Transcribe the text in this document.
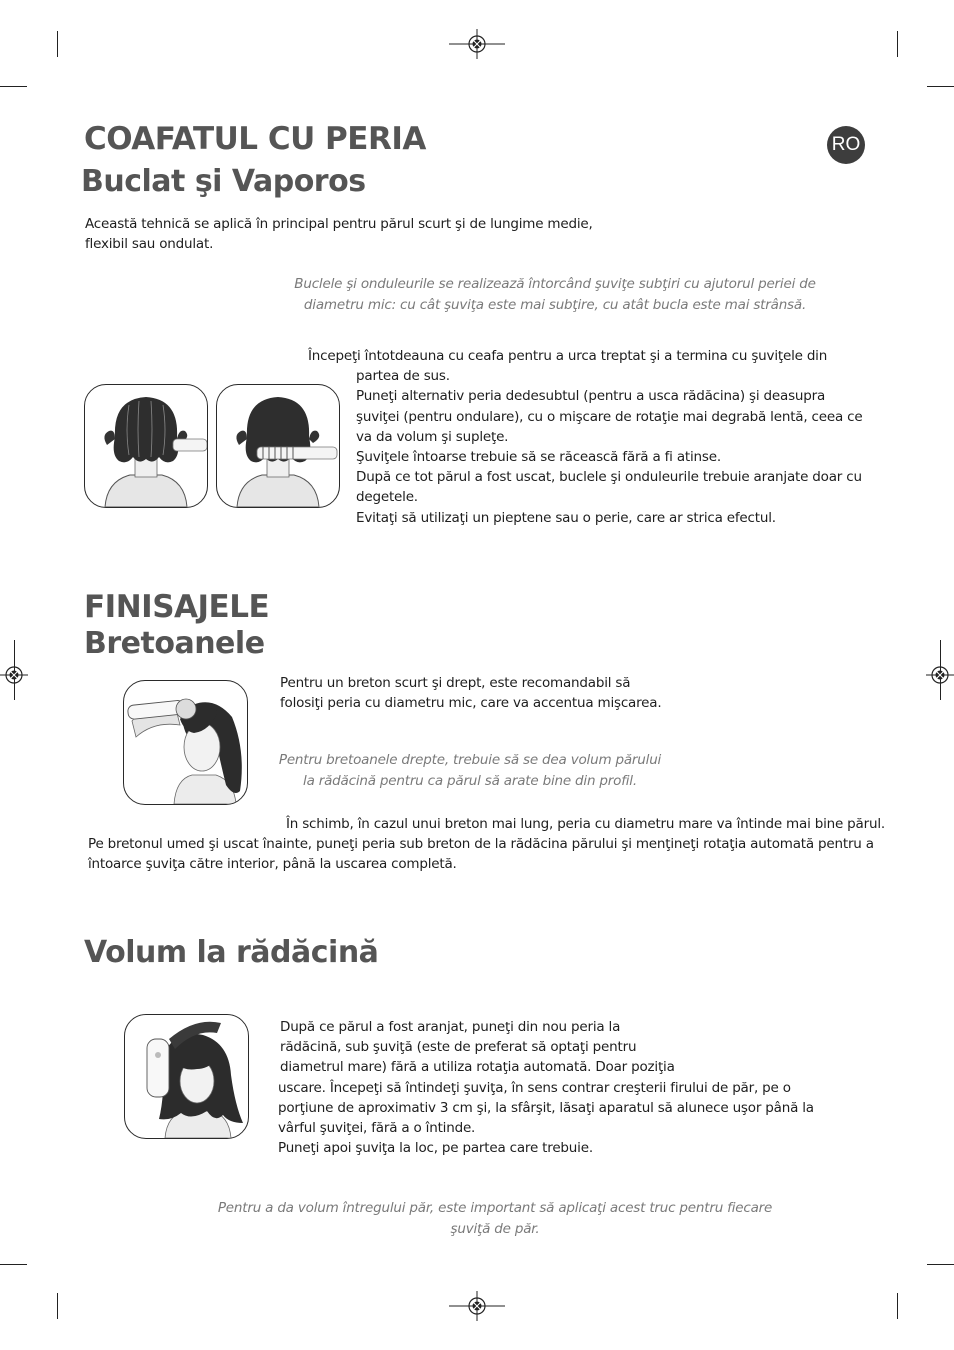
RO
COAFATUL CU PERIA
Buclat şi Vaporos

Această tehnică se aplică în principal pentru părul scurt şi de lungime medie,

flexibil sau ondulat.

Buclele şi onduleurile se realizează întorcând şuviţe subţiri cu ajutorul periei de

diametru mic: cu cât şuviţa este mai subţire, cu atât bucla este mai strânsă.

Începeţi întotdeauna cu ceafa pentru a urca treptat şi a termina cu şuviţele din

partea de sus.

Puneţi alternativ peria dedesubtul (pentru a usca rădăcina) şi deasupra

şuviţei (pentru ondulare), cu o mişcare de rotaţie mai degrabă lentă, ceea ce

va da volum şi supleţe.

Şuviţele întoarse trebuie să se răcească fără a fi atinse.

După ce tot părul a fost uscat, buclele şi onduleurile trebuie aranjate doar cu

degetele.

Evitaţi să utilizaţi un pieptene sau o perie, care ar strica efectul.

FINISAJELE
Bretoanele

Pentru un breton scurt şi drept, este recomandabil să

folosiţi peria cu diametru mic, care va accentua mişcarea.

Pentru bretoanele drepte, trebuie să se dea volum părului

la rădăcină pentru ca părul să arate bine din profil.

În schimb, în cazul unui breton mai lung, peria cu diametru mare va întinde mai bine părul.

Pe bretonul umed şi uscat înainte, puneţi peria sub breton de la rădăcina părului şi menţineţi rotaţia automată pentru a

întoarce şuviţa către interior, până la uscarea completă.

Volum la rădăcină

După ce părul a fost aranjat, puneţi din nou peria la

rădăcină, sub şuviţă (este de preferat să optaţi pentru

diametrul mare) fără a utiliza rotaţia automată. Doar poziţia

uscare. Începeţi să întindeţi şuviţa, în sens contrar creşterii firului de păr, pe o

porţiune de aproximativ 3 cm şi, la sfârşit, lăsaţi aparatul să alunece uşor până la

vârful şuviţei, fără a o întinde.

Puneţi apoi şuviţa la loc, pe partea care trebuie.

Pentru a da volum întregului păr, este important să aplicaţi acest truc pentru fiecare

şuviţă de păr.
